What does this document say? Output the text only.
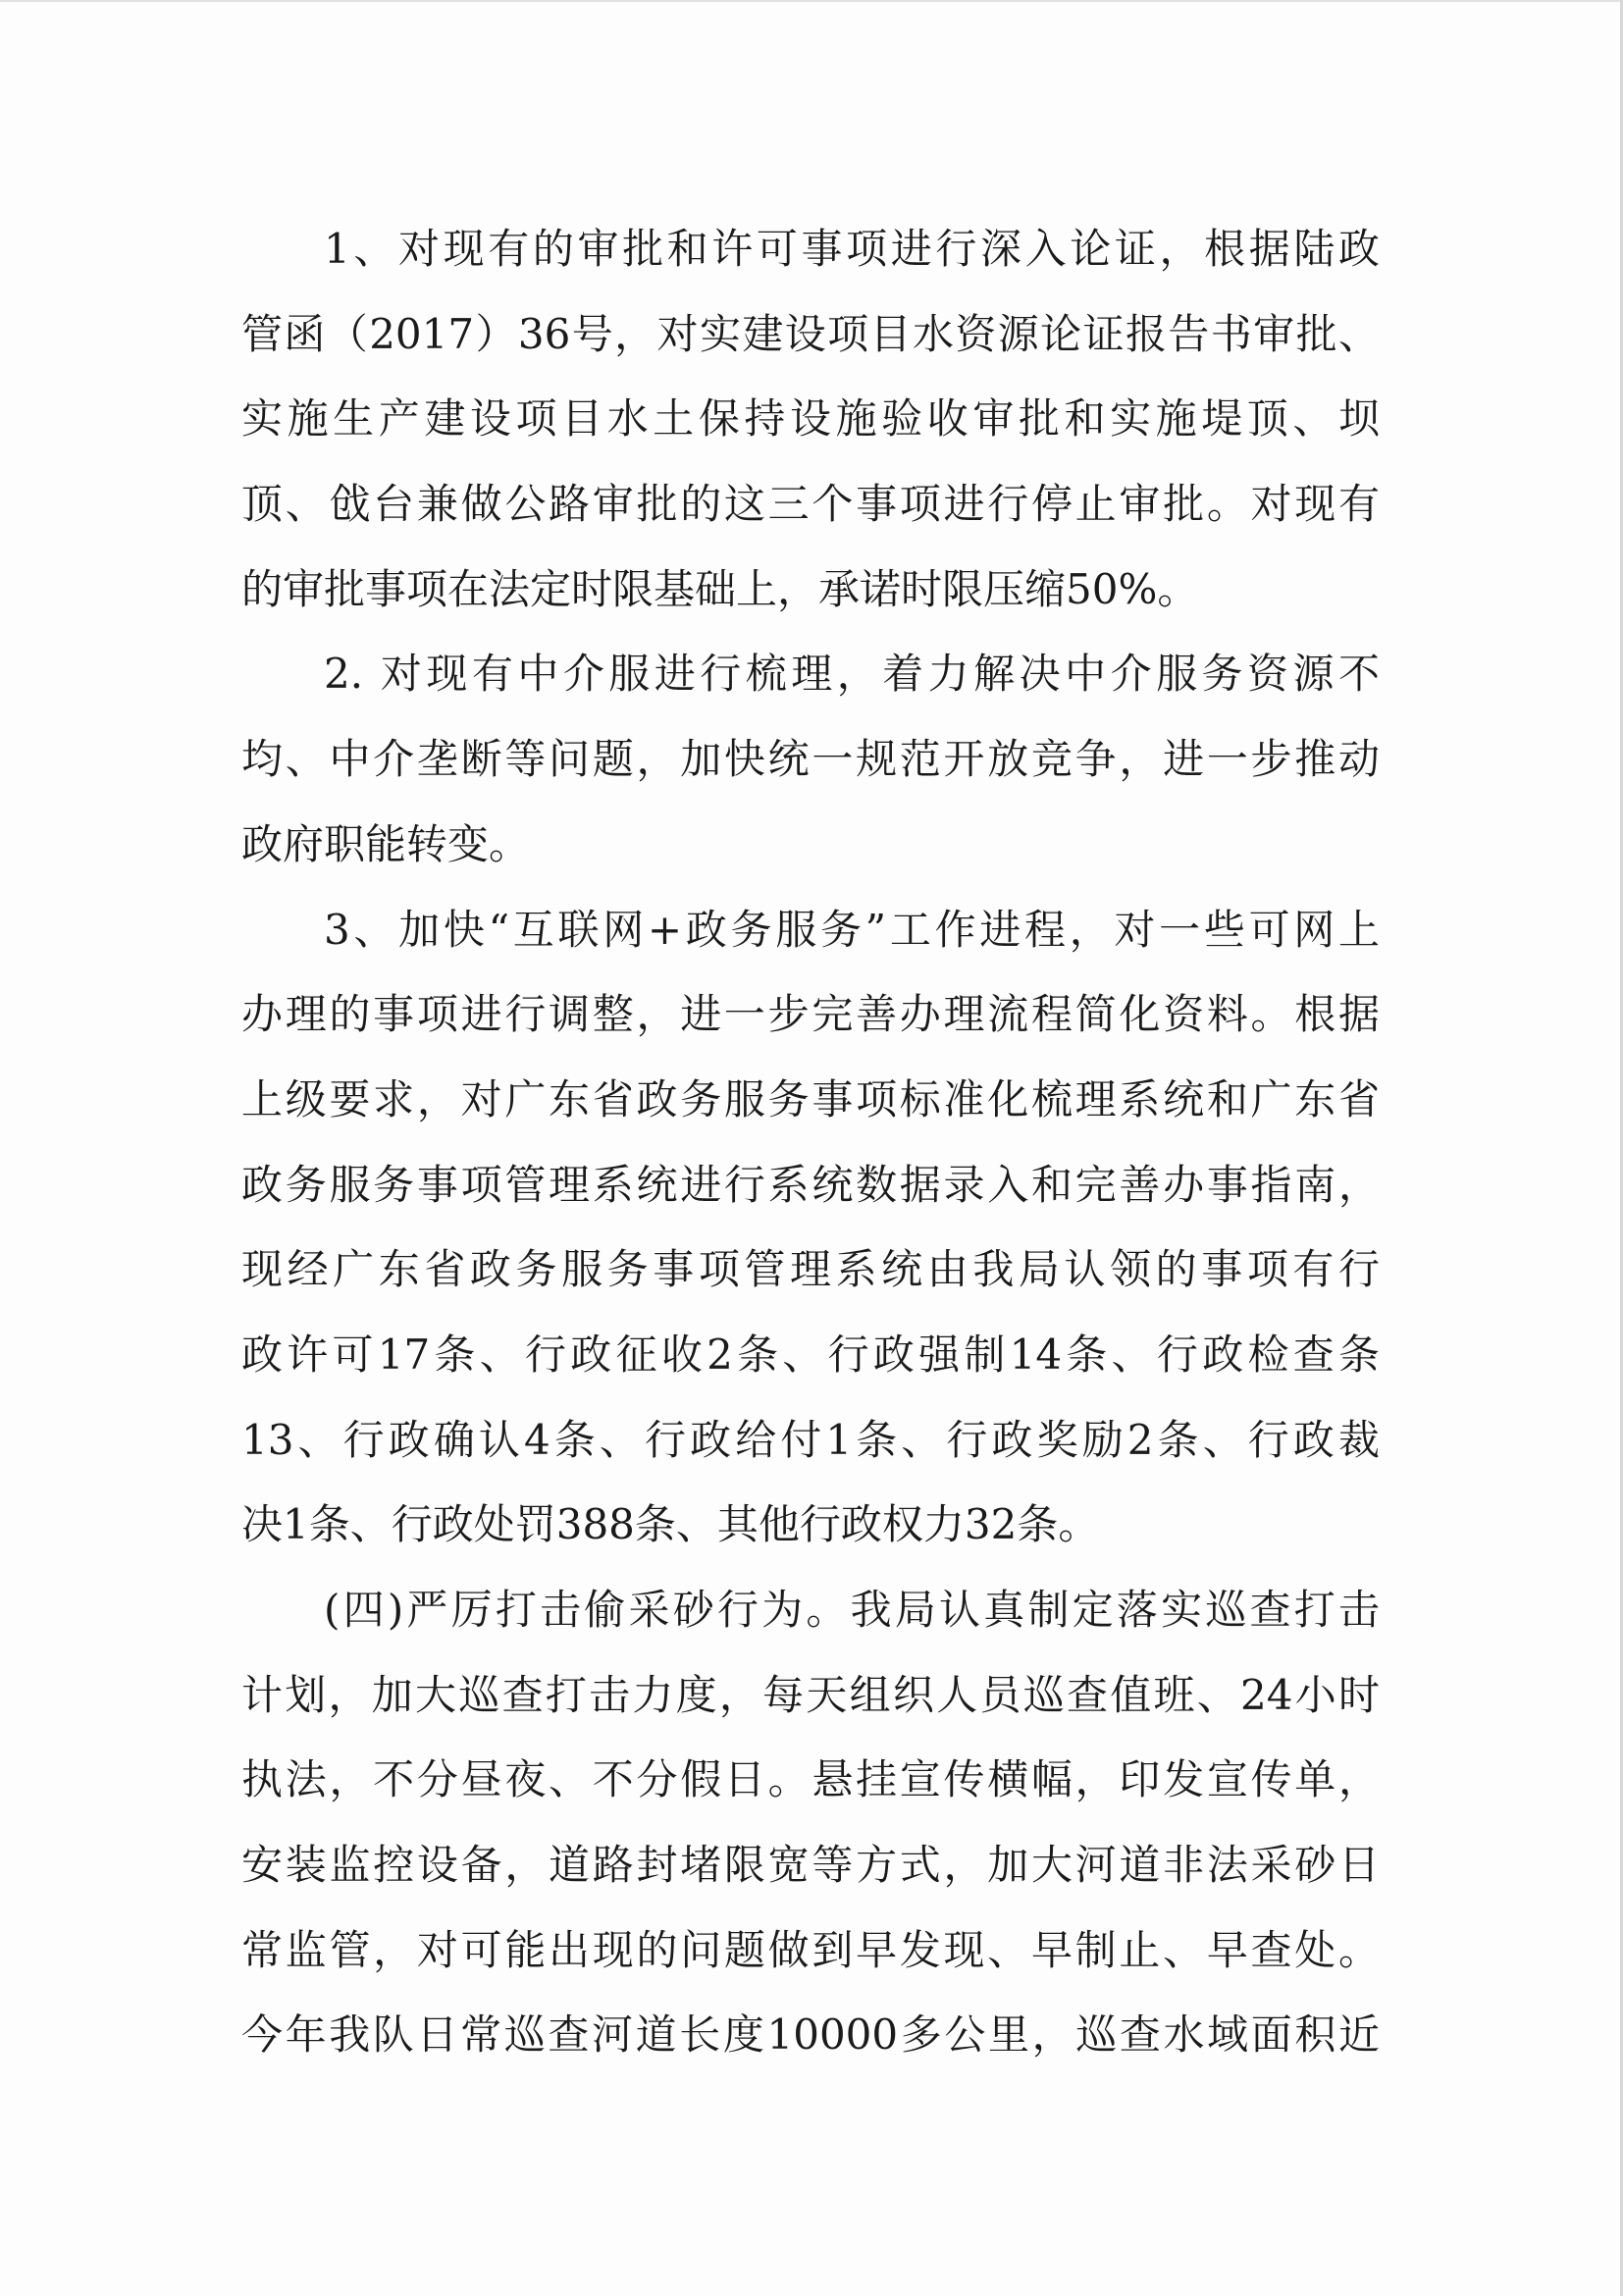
1、对现有的审批和许可事项进行深入论证，根据陆政
管函（2017）36号，对实建设项目水资源论证报告书审批、
实施生产建设项目水土保持设施验收审批和实施堤顶、坝
顶、戗台兼做公路审批的这三个事项进行停止审批。对现有
的审批事项在法定时限基础上，承诺时限压缩50%。
2. 对现有中介服进行梳理，着力解决中介服务资源不
均、中介垄断等问题，加快统一规范开放竞争，进一步推动
政府职能转变。
3、加快“互联网+政务服务”工作进程，对一些可网上
办理的事项进行调整，进一步完善办理流程简化资料。根据
上级要求，对广东省政务服务事项标准化梳理系统和广东省
政务服务事项管理系统进行系统数据录入和完善办事指南，
现经广东省政务服务事项管理系统由我局认领的事项有行
政许可17条、行政征收2条、行政强制14条、行政检查条
13、行政确认4条、行政给付1条、行政奖励2条、行政裁
决1条、行政处罚388条、其他行政权力32条。
(四)严厉打击偷采砂行为。我局认真制定落实巡查打击
计划，加大巡查打击力度，每天组织人员巡查值班、24小时
执法，不分昼夜、不分假日。悬挂宣传横幅，印发宣传单，
安装监控设备，道路封堵限宽等方式，加大河道非法采砂日
常监管，对可能出现的问题做到早发现、早制止、早查处。
今年我队日常巡查河道长度10000多公里，巡查水域面积近
